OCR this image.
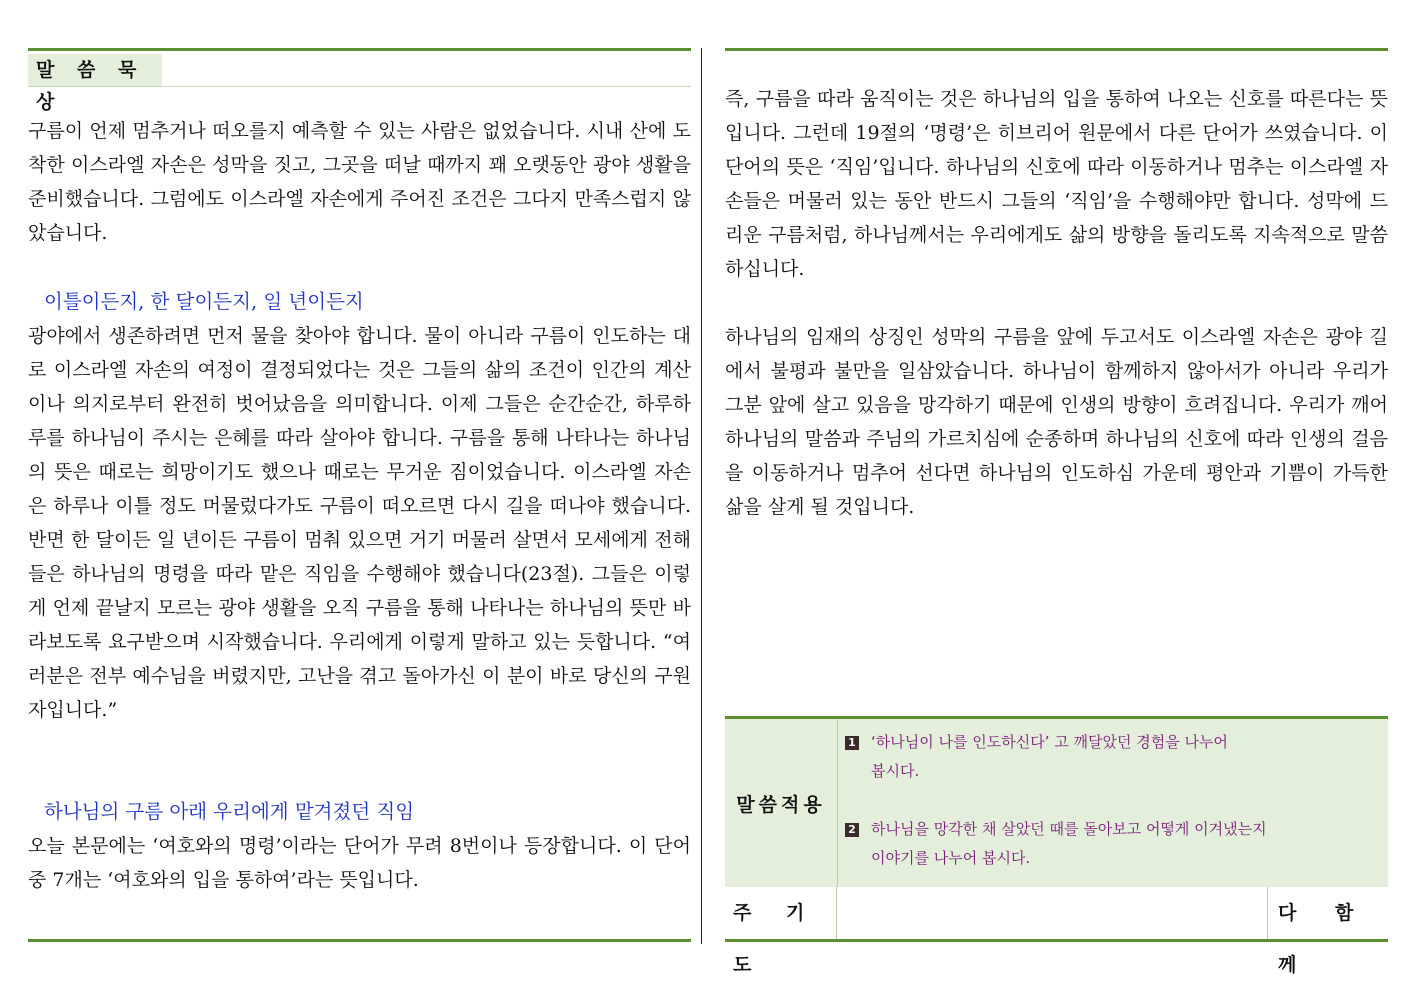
말 씀 묵 상

구름이 언제 멈추거나 떠오를지 예측할 수 있는 사람은 없었습니다. 시내 산에 도착한 이스라엘 자손은 성막을 짓고, 그곳을 떠날 때까지 꽤 오랫동안 광야 생활을 준비했습니다. 그럼에도 이스라엘 자손에게 주어진 조건은 그다지 만족스럽지 않았습니다.

이틀이든지, 한 달이든지, 일 년이든지

광야에서 생존하려면 먼저 물을 찾아야 합니다. 물이 아니라 구름이 인도하는 대로 이스라엘 자손의 여정이 결정되었다는 것은 그들의 삶의 조건이 인간의 계산이나 의지로부터 완전히 벗어났음을 의미합니다. 이제 그들은 순간순간, 하루하루를 하나님이 주시는 은혜를 따라 살아야 합니다. 구름을 통해 나타나는 하나님의 뜻은 때로는 희망이기도 했으나 때로는 무거운 짐이었습니다. 이스라엘 자손은 하루나 이틀 정도 머물렀다가도 구름이 떠오르면 다시 길을 떠나야 했습니다. 반면 한 달이든 일 년이든 구름이 멈춰 있으면 거기 머물러 살면서 모세에게 전해 들은 하나님의 명령을 따라 맡은 직임을 수행해야 했습니다(23절). 그들은 이렇게 언제 끝날지 모르는 광야 생활을 오직 구름을 통해 나타나는 하나님의 뜻만 바라보도록 요구받으며 시작했습니다. 우리에게 이렇게 말하고 있는 듯합니다. “여러분은 전부 예수님을 버렸지만, 고난을 겪고 돌아가신 이 분이 바로 당신의 구원자입니다.”

하나님의 구름 아래 우리에게 맡겨졌던 직임

오늘 본문에는 ‘여호와의 명령’이라는 단어가 무려 8번이나 등장합니다. 이 단어 중 7개는 ‘여호와의 입을 통하여’라는 뜻입니다.

즉, 구름을 따라 움직이는 것은 하나님의 입을 통하여 나오는 신호를 따른다는 뜻입니다. 그런데 19절의 ‘명령’은 히브리어 원문에서 다른 단어가 쓰였습니다. 이 단어의 뜻은 ‘직임’입니다. 하나님의 신호에 따라 이동하거나 멈추는 이스라엘 자손들은 머물러 있는 동안 반드시 그들의 ‘직임’을 수행해야만 합니다. 성막에 드리운 구름처럼, 하나님께서는 우리에게도 삶의 방향을 돌리도록 지속적으로 말씀하십니다.

하나님의 임재의 상징인 성막의 구름을 앞에 두고서도 이스라엘 자손은 광야 길에서 불평과 불만을 일삼았습니다. 하나님이 함께하지 않아서가 아니라 우리가 그분 앞에 살고 있음을 망각하기 때문에 인생의 방향이 흐려집니다. 우리가 깨어 하나님의 말씀과 주님의 가르치심에 순종하며 하나님의 신호에 따라 인생의 걸음을 이동하거나 멈추어 선다면 하나님의 인도하심 가운데 평안과 기쁨이 가득한 삶을 살게 될 것입니다.

말씀적용

1 ‘하나님이 나를 인도하신다’ 고 깨달았던 경험을 나누어
봅시다.

2 하나님을 망각한 채 살았던 때를 돌아보고 어떻게 이겨냈는지
이야기를 나누어 봅시다.

주 기 도
다 함 께
